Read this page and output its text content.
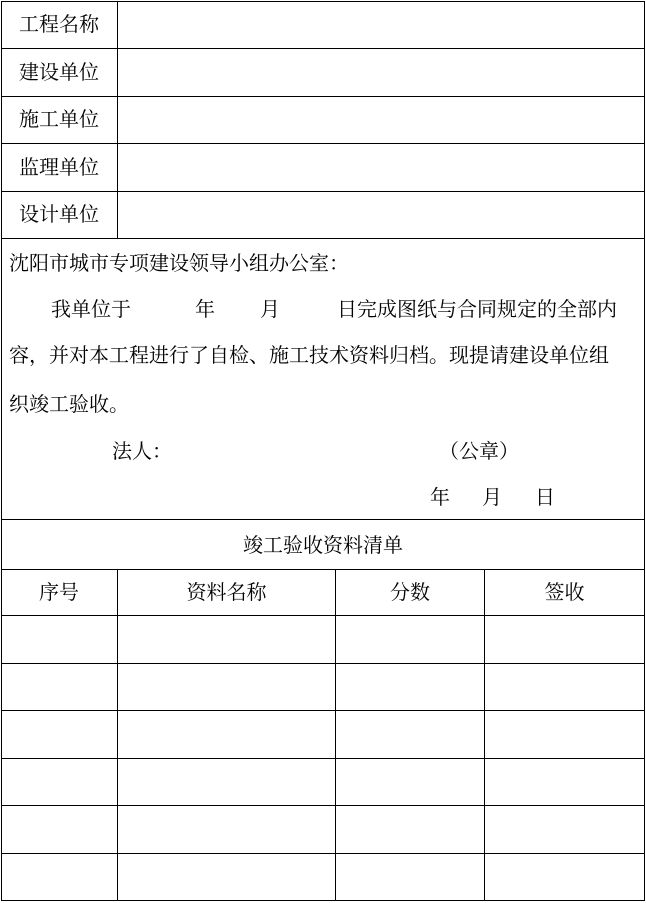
工程名称
建设单位
施工单位
监理单位
设计单位
沈阳市城市专项建设领导小组办公室：
我单位于	年 月	日完成图纸与合同规定的全部内
容，并对本工程进行了自检、施工技术资料归档。现提请建设单位组
织竣工验收。
法人：	（公章）
年 月 日
竣工验收资料清单
序号	资料名称	分数	签收
